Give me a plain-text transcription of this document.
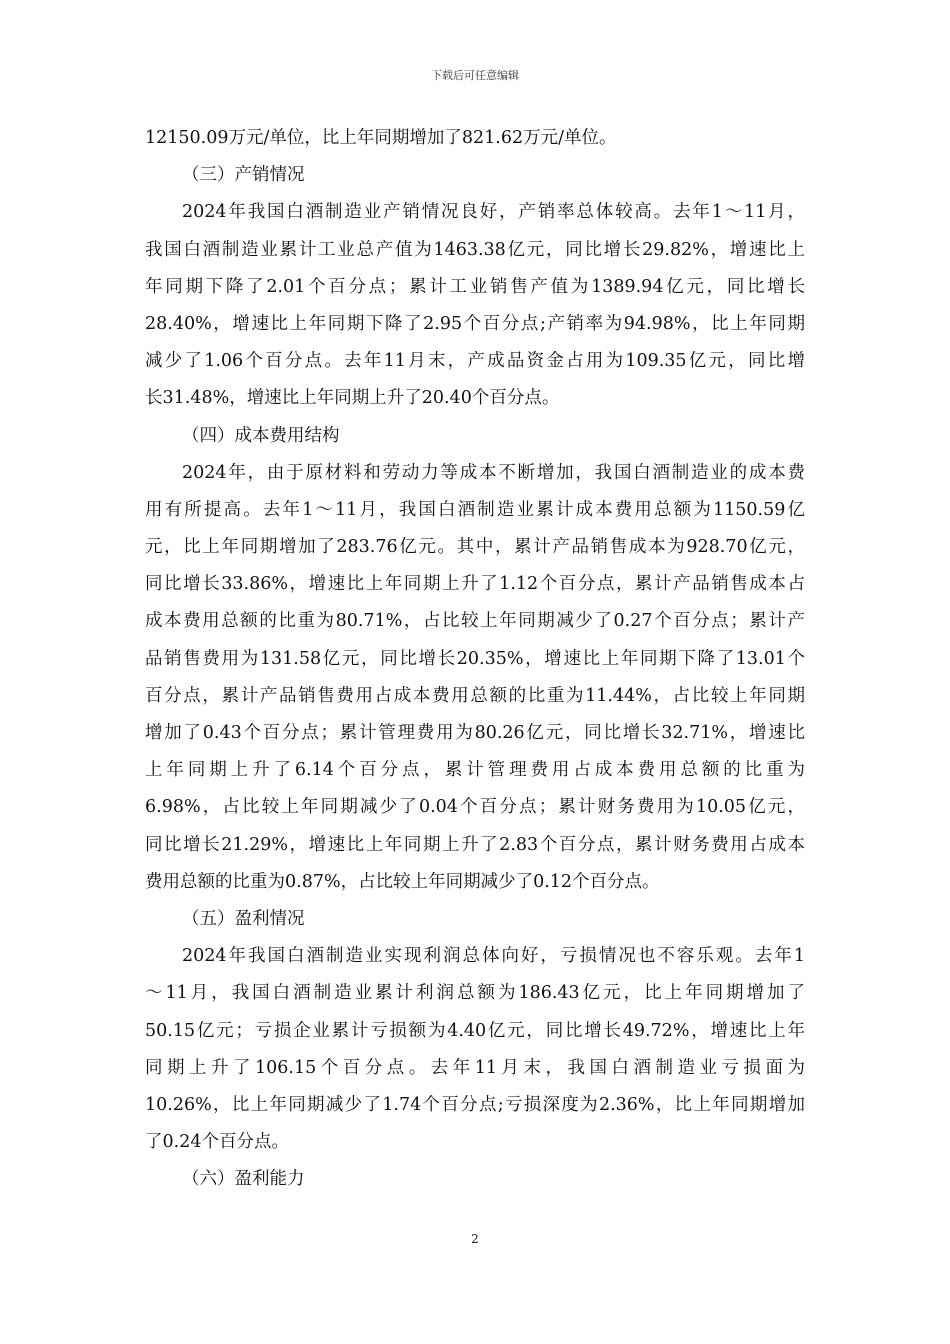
下载后可任意编辑
12150.09万元/单位，比上年同期增加了821.62万元/单位。
（三）产销情况
2024年我国白酒制造业产销情况良好，产销率总体较高。去年1～11月，
我国白酒制造业累计工业总产值为1463.38亿元，同比增长29.82%，增速比上
年同期下降了2.01个百分点；累计工业销售产值为1389.94亿元，同比增长
28.40%，增速比上年同期下降了2.95个百分点;产销率为94.98%，比上年同期
减少了1.06个百分点。去年11月末，产成品资金占用为109.35亿元，同比增
长31.48%，增速比上年同期上升了20.40个百分点。
（四）成本费用结构
2024年，由于原材料和劳动力等成本不断增加，我国白酒制造业的成本费
用有所提高。去年1～11月，我国白酒制造业累计成本费用总额为1150.59亿
元，比上年同期增加了283.76亿元。其中，累计产品销售成本为928.70亿元，
同比增长33.86%，增速比上年同期上升了1.12个百分点，累计产品销售成本占
成本费用总额的比重为80.71%，占比较上年同期减少了0.27个百分点；累计产
品销售费用为131.58亿元，同比增长20.35%，增速比上年同期下降了13.01个
百分点，累计产品销售费用占成本费用总额的比重为11.44%，占比较上年同期
增加了0.43个百分点；累计管理费用为80.26亿元，同比增长32.71%，增速比
上年同期上升了6.14个百分点，累计管理费用占成本费用总额的比重为
6.98%，占比较上年同期减少了0.04个百分点；累计财务费用为10.05亿元，
同比增长21.29%，增速比上年同期上升了2.83个百分点，累计财务费用占成本
费用总额的比重为0.87%，占比较上年同期减少了0.12个百分点。
（五）盈利情况
2024年我国白酒制造业实现利润总体向好，亏损情况也不容乐观。去年1
～11月，我国白酒制造业累计利润总额为186.43亿元，比上年同期增加了
50.15亿元；亏损企业累计亏损额为4.40亿元，同比增长49.72%，增速比上年
同期上升了106.15个百分点。去年11月末，我国白酒制造业亏损面为
10.26%，比上年同期减少了1.74个百分点;亏损深度为2.36%，比上年同期增加
了0.24个百分点。
（六）盈利能力
2
